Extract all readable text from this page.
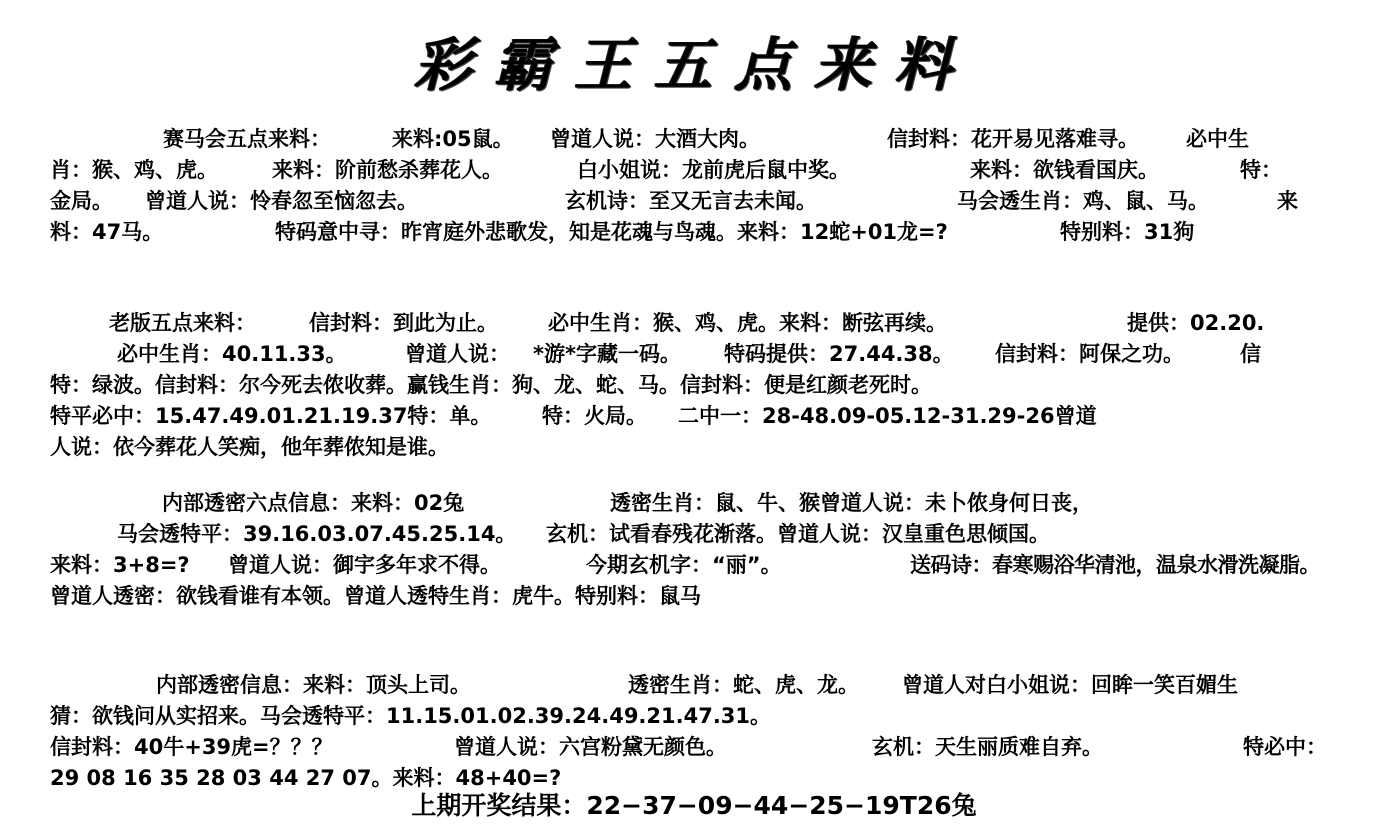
彩霸王五点来料
赛马会五点来料：	来料:05鼠。 曾道人说：大酒大肉。	信封料：花开易见落难寻。 必中生
肖：猴、鸡、虎。	来料：阶前愁杀葬花人。	白小姐说：龙前虎后鼠中奖。	来料：欲钱看国庆。	特：
金局。 曾道人说：怜春忽至恼忽去。	玄机诗：至又无言去未闻。	马会透生肖：鸡、鼠、马。	来
料：47马。	特码意中寻：昨宵庭外悲歌发，知是花魂与鸟魂。来料：12蛇+01龙=?	特别料：31狗
老版五点来料：	信封料：到此为止。 必中生肖：猴、鸡、虎。来料：断弦再续。	提供：02.20.
必中生肖：40.11.33。	曾道人说： *游*字藏一码。 特码提供：27.44.38。 信封料：阿保之功。	信
特：绿波。信封料：尔今死去侬收葬。赢钱生肖：狗、龙、蛇、马。信封料：便是红颜老死时。
特平必中：15.47.49.01.21.19.37特：单。 特：火局。 二中一：28-48.09-05.12-31.29-26曾道
人说：依今葬花人笑痴，他年葬侬知是谁。
内部透密六点信息：来料：02兔	透密生肖：鼠、牛、猴曾道人说：未卜侬身何日丧，
马会透特平：39.16.03.07.45.25.14。 玄机：试看春残花渐落。曾道人说：汉皇重色思倾国。
来料：3+8=? 曾道人说：御宇多年求不得。	今期玄机字：“丽”。	送码诗：春寒赐浴华清池，温泉水滑洗凝脂。
曾道人透密：欲钱看谁有本领。曾道人透特生肖：虎牛。特别料：鼠马
内部透密信息：来料：顶头上司。	透密生肖：蛇、虎、龙。 曾道人对白小姐说：回眸一笑百媚生
猜：欲钱问从实招来。马会透特平：11.15.01.02.39.24.49.21.47.31。
信封料：40牛+39虎=？？？	曾道人说：六宫粉黛无颜色。	玄机：天生丽质难自弃。	特必中：
29 08 16 35 28 03 44 27 07。来料：48+40=?
上期开奖结果：22−37−09−44−25−19T26兔
